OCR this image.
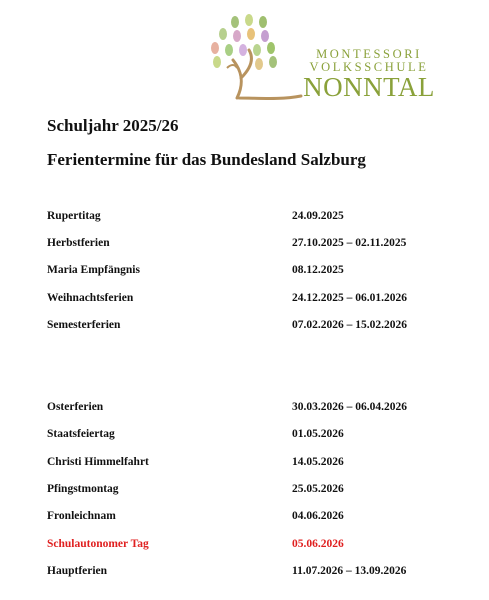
MONTESSORI
VOLKSSCHULE
NONNTAL
Schuljahr 2025/26
Ferientermine für das Bundesland Salzburg
Rupertitag	24.09.2025
Herbstferien	27.10.2025 – 02.11.2025
Maria Empfängnis	08.12.2025
Weihnachtsferien	24.12.2025 – 06.01.2026
Semesterferien	07.02.2026 – 15.02.2026
Osterferien	30.03.2026 – 06.04.2026
Staatsfeiertag	01.05.2026
Christi Himmelfahrt	14.05.2026
Pfingstmontag	25.05.2026
Fronleichnam	04.06.2026
Schulautonomer Tag	05.06.2026
Hauptferien	11.07.2026 – 13.09.2026
